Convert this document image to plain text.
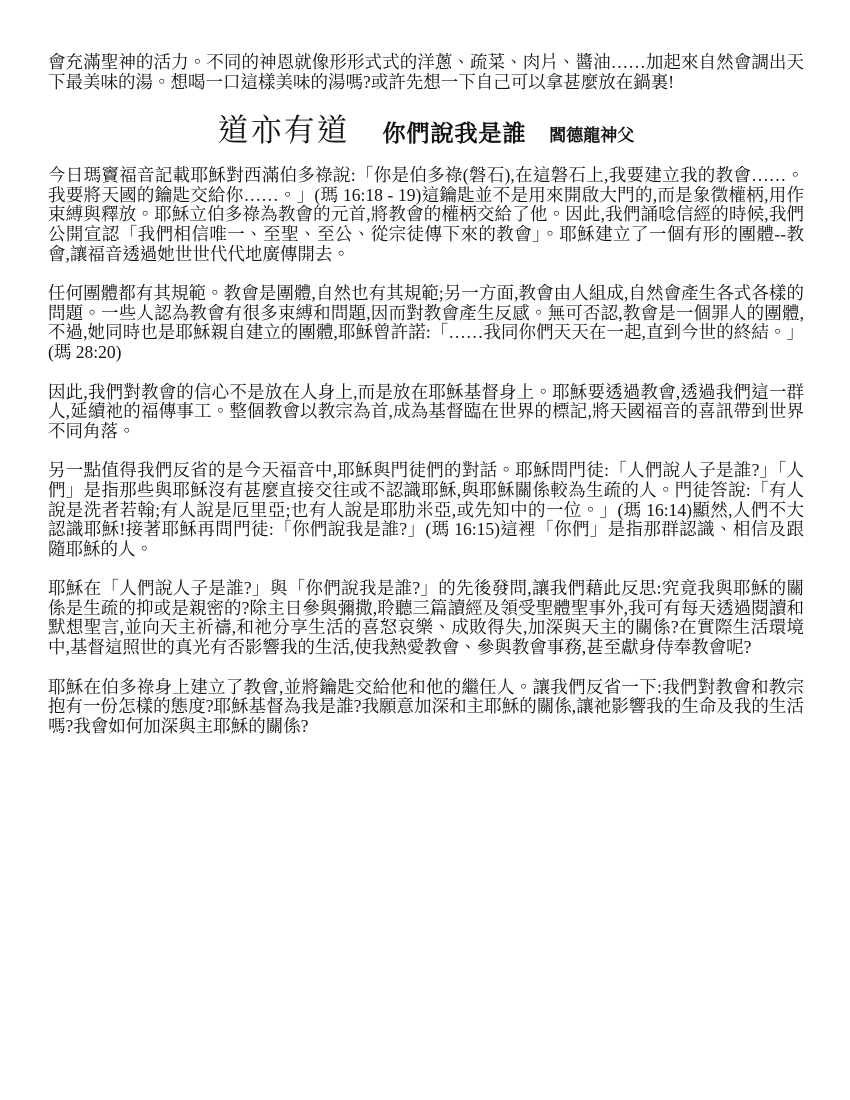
會充滿聖神的活力。不同的神恩就像形形式式的洋蔥、疏菜、肉片、醬油……加起來自然會調出天下最美味的湯。想喝一口這樣美味的湯嗎?或許先想一下自己可以拿甚麼放在鍋裏!

道亦有道 你們說我是誰 閻德龍神父

今日瑪竇福音記載耶穌對西滿伯多祿說:「你是伯多祿(磐石),在這磐石上,我要建立我的教會……。我要將天國的鑰匙交給你……。」(瑪 16:18 - 19)這鑰匙並不是用來開啟大門的,而是象徵權柄,用作束縛與釋放。耶穌立伯多祿為教會的元首,將教會的權柄交給了他。因此,我們誦唸信經的時候,我們公開宣認「我們相信唯一、至聖、至公、從宗徒傳下來的教會」。耶穌建立了一個有形的團體--教會,讓福音透過她世世代代地廣傳開去。

任何團體都有其規範。教會是團體,自然也有其規範;另一方面,教會由人組成,自然會產生各式各樣的問題。一些人認為教會有很多束縛和問題,因而對教會產生反感。無可否認,教會是一個罪人的團體,不過,她同時也是耶穌親自建立的團體,耶穌曾許諾:「……我同你們天天在一起,直到今世的終結。」(瑪 28:20)

因此,我們對教會的信心不是放在人身上,而是放在耶穌基督身上。耶穌要透過教會,透過我們這一群人,延續祂的福傳事工。整個教會以教宗為首,成為基督臨在世界的標記,將天國福音的喜訊帶到世界不同角落。

另一點值得我們反省的是今天福音中,耶穌與門徒們的對話。耶穌問門徒:「人們說人子是誰?」「人們」是指那些與耶穌沒有甚麼直接交往或不認識耶穌,與耶穌關係較為生疏的人。門徒答說:「有人說是洗者若翰;有人說是厄里亞;也有人說是耶肋米亞,或先知中的一位。」(瑪 16:14)顯然,人們不大認識耶穌!接著耶穌再問門徒:「你們說我是誰?」(瑪 16:15)這裡「你們」是指那群認識、相信及跟隨耶穌的人。

耶穌在「人們說人子是誰?」與「你們說我是誰?」的先後發問,讓我們藉此反思:究竟我與耶穌的關係是生疏的抑或是親密的?除主日參與彌撒,聆聽三篇讀經及領受聖體聖事外,我可有每天透過閱讀和默想聖言,並向天主祈禱,和祂分享生活的喜怒哀樂、成敗得失,加深與天主的關係?在實際生活環境中,基督這照世的真光有否影響我的生活,使我熱愛教會、參與教會事務,甚至獻身侍奉教會呢?

耶穌在伯多祿身上建立了教會,並將鑰匙交給他和他的繼任人。讓我們反省一下:我們對教會和教宗抱有一份怎樣的態度?耶穌基督為我是誰?我願意加深和主耶穌的關係,讓祂影響我的生命及我的生活嗎?我會如何加深與主耶穌的關係?
